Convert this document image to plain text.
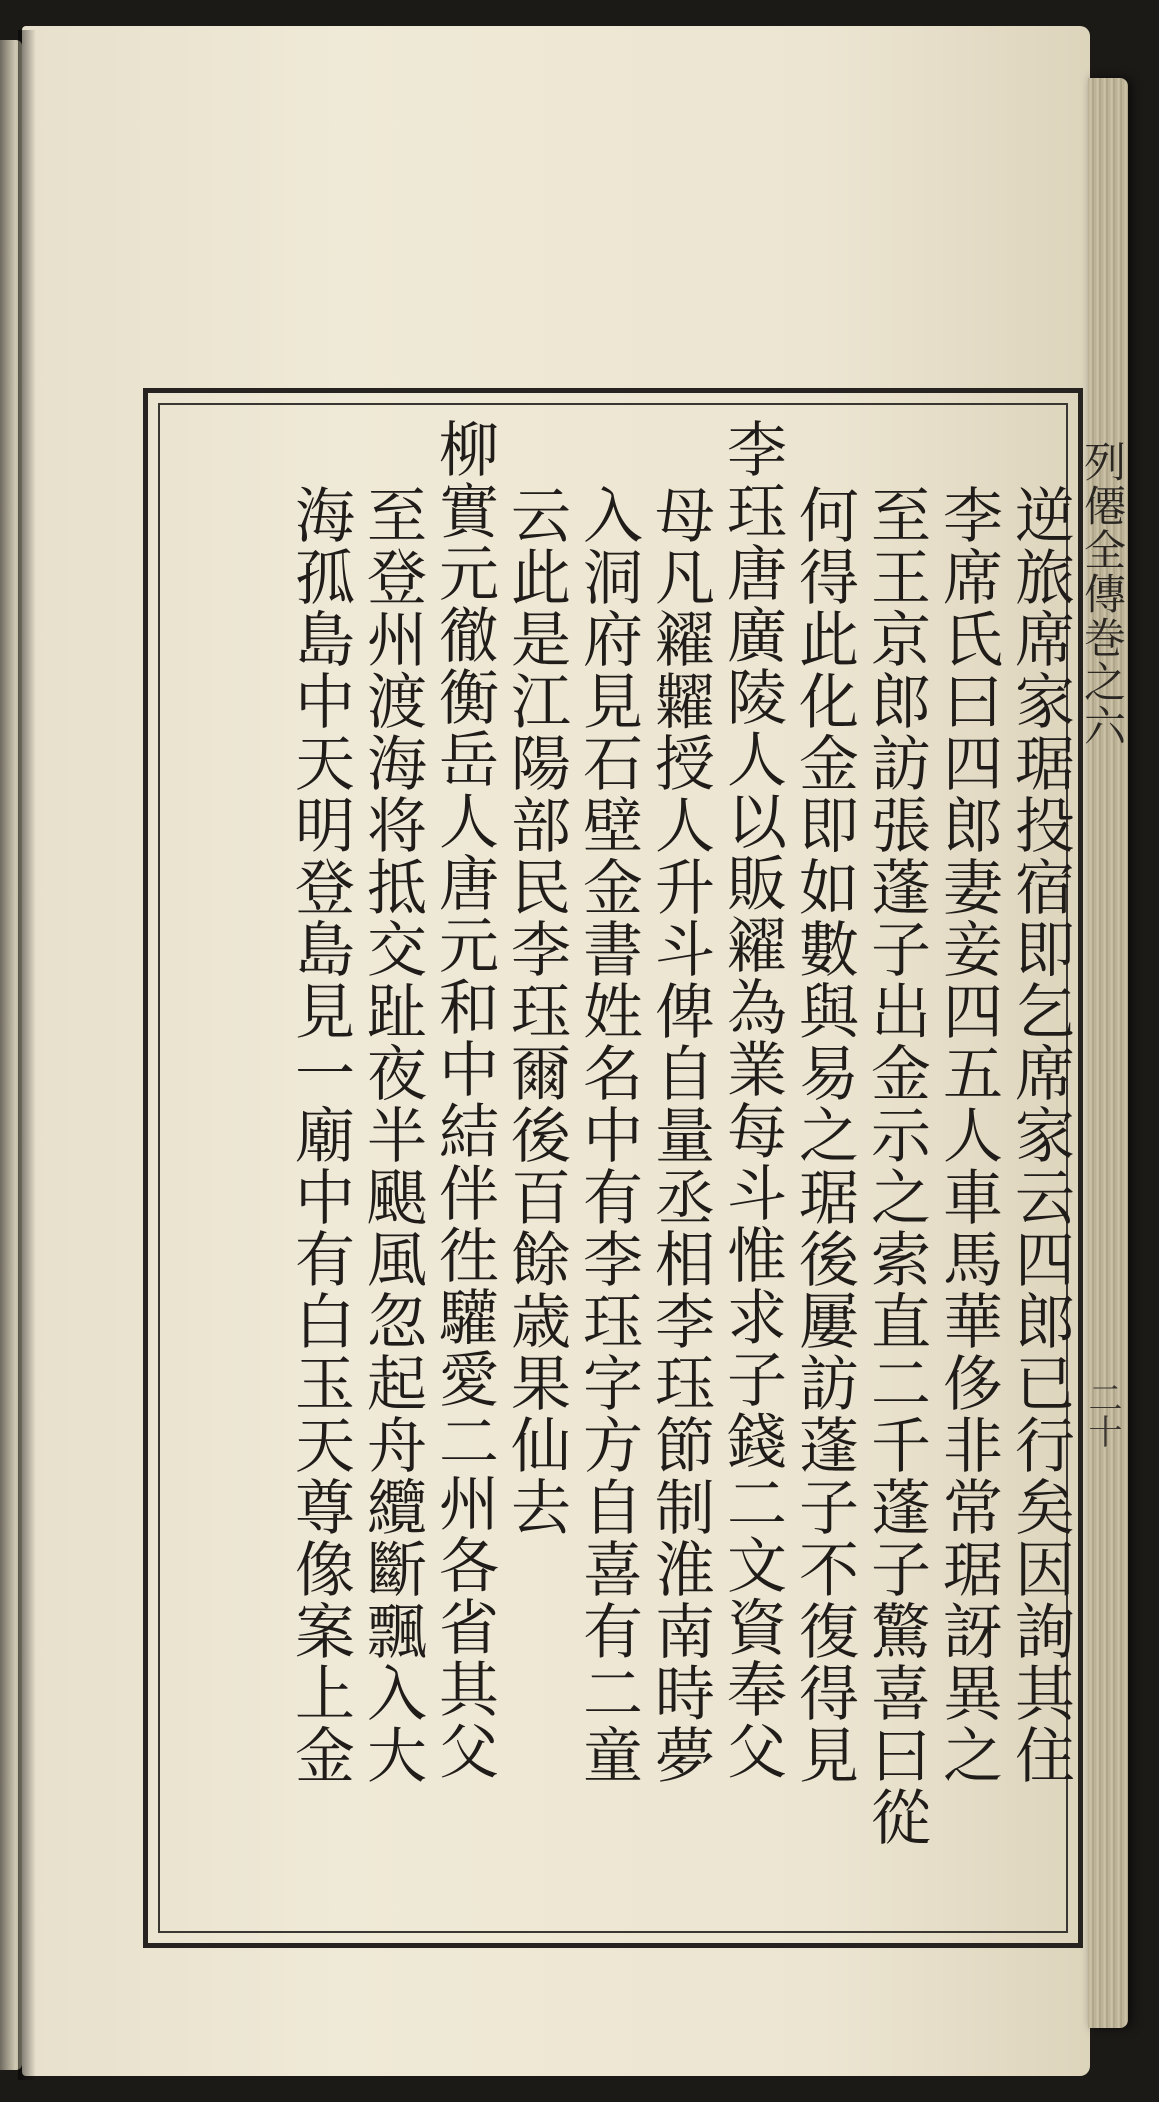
列僊全傳巻之六
二十
逆旅席家琚投宿即乞席家云四郎已行矣因詢其住
李席氏曰四郎妻妾四五人車馬華侈非常琚訝異之
至王京郎訪張蓬子出金示之索直二千蓬子驚喜曰從
何得此化金即如數與易之琚後屢訪蓬子不復得見
李珏唐廣陵人以販糴為業每斗惟求子錢二文資奉父
母凡糴糶授人升斗俾自量丞相李珏節制淮南時夢
入洞府見石壁金書姓名中有李珏字方自喜有二童
云此是江陽部民李珏爾後百餘歳果仙去
柳實元徹衡岳人唐元和中結伴徃驩愛二州各省其父
至登州渡海将抵交趾夜半颶風忽起舟纜斷飄入大
海孤島中天明登島見一廟中有白玉天尊像案上金
